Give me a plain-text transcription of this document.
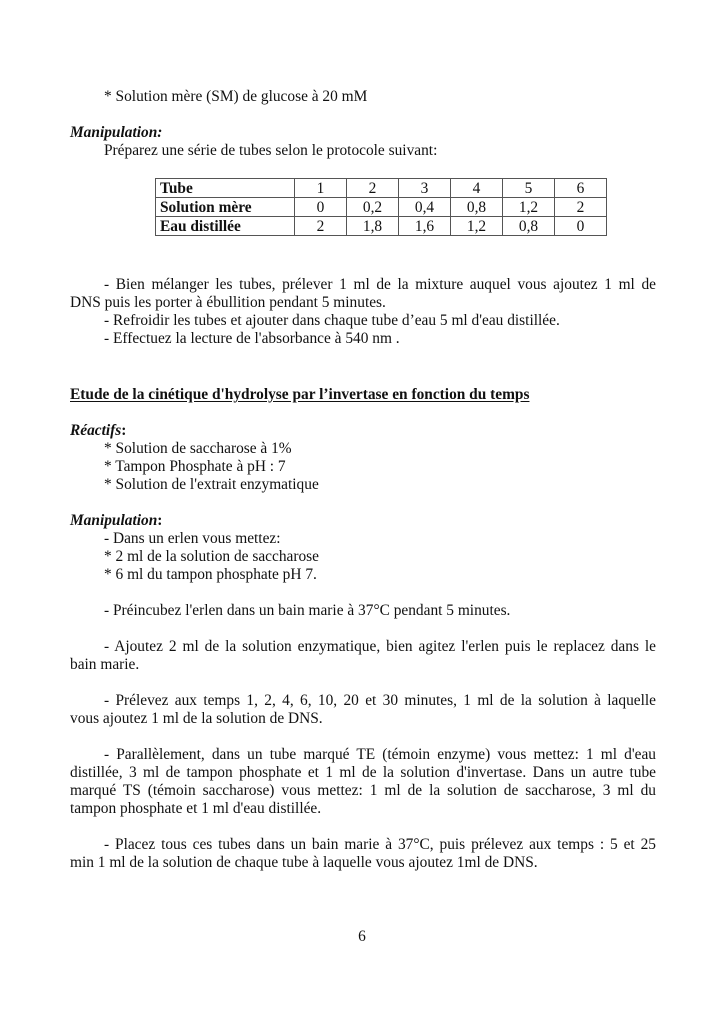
* Solution mère (SM) de glucose à 20 mM
Manipulation:
Préparez une série de tubes selon le protocole suivant:
Tube	1	2	3	4	5	6
Solution mère	0	0,2	0,4	0,8	1,2	2
Eau distillée	2	1,8	1,6	1,2	0,8	0
- Bien mélanger les tubes, prélever 1 ml de la mixture auquel vous ajoutez 1 ml de
DNS puis les porter à ébullition pendant 5 minutes.
- Refroidir les tubes et ajouter dans chaque tube d’eau 5 ml d'eau distillée.
- Effectuez la lecture de l'absorbance à 540 nm .
Etude de la cinétique d'hydrolyse par l’invertase en fonction du temps
Réactifs:
* Solution de saccharose à 1%
* Tampon Phosphate à pH : 7
* Solution de l'extrait enzymatique
Manipulation:
- Dans un erlen vous mettez:
* 2 ml de la solution de saccharose
* 6 ml du tampon phosphate pH 7.
- Préincubez l'erlen dans un bain marie à 37°C pendant 5 minutes.
- Ajoutez 2 ml de la solution enzymatique, bien agitez l'erlen puis le replacez dans le
bain marie.
- Prélevez aux temps 1, 2, 4, 6, 10, 20 et 30 minutes, 1 ml de la solution à laquelle
vous ajoutez 1 ml de la solution de DNS.
- Parallèlement, dans un tube marqué TE (témoin enzyme) vous mettez: 1 ml d'eau
distillée, 3 ml de tampon phosphate et 1 ml de la solution d'invertase. Dans un autre tube
marqué TS (témoin saccharose) vous mettez: 1 ml de la solution de saccharose, 3 ml du
tampon phosphate et 1 ml d'eau distillée.
- Placez tous ces tubes dans un bain marie à 37°C, puis prélevez aux temps : 5 et 25
min 1 ml de la solution de chaque tube à laquelle vous ajoutez 1ml de DNS.
6
